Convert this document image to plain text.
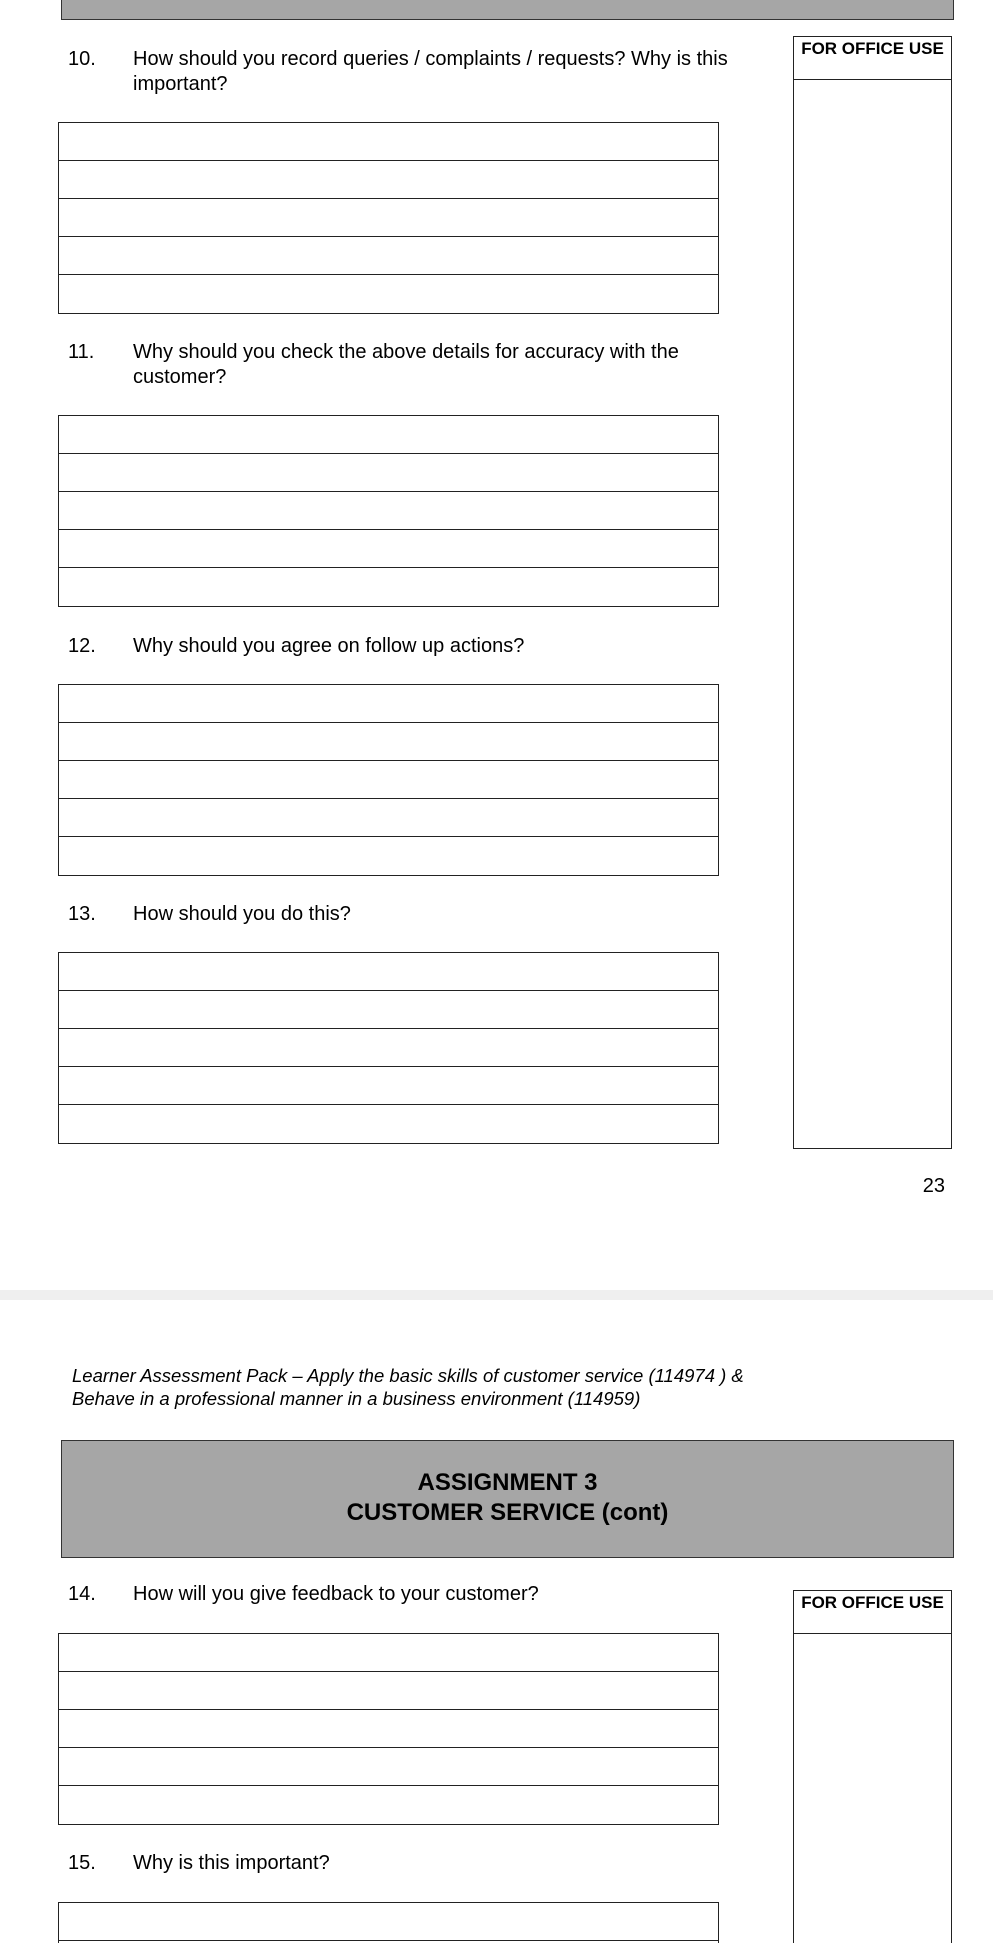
FOR OFFICE USE
10.	How should you record queries / complaints / requests? Why is this important?
11.	Why should you check the above details for accuracy with the customer?
12.	Why should you agree on follow up actions?
13.	How should you do this?
23
Learner Assessment Pack – Apply the basic skills of customer service (114974 ) &
Behave in a professional manner in a business environment (114959)
ASSIGNMENT 3
CUSTOMER SERVICE (cont)
FOR OFFICE USE
14.	How will you give feedback to your customer?
15.	Why is this important?
